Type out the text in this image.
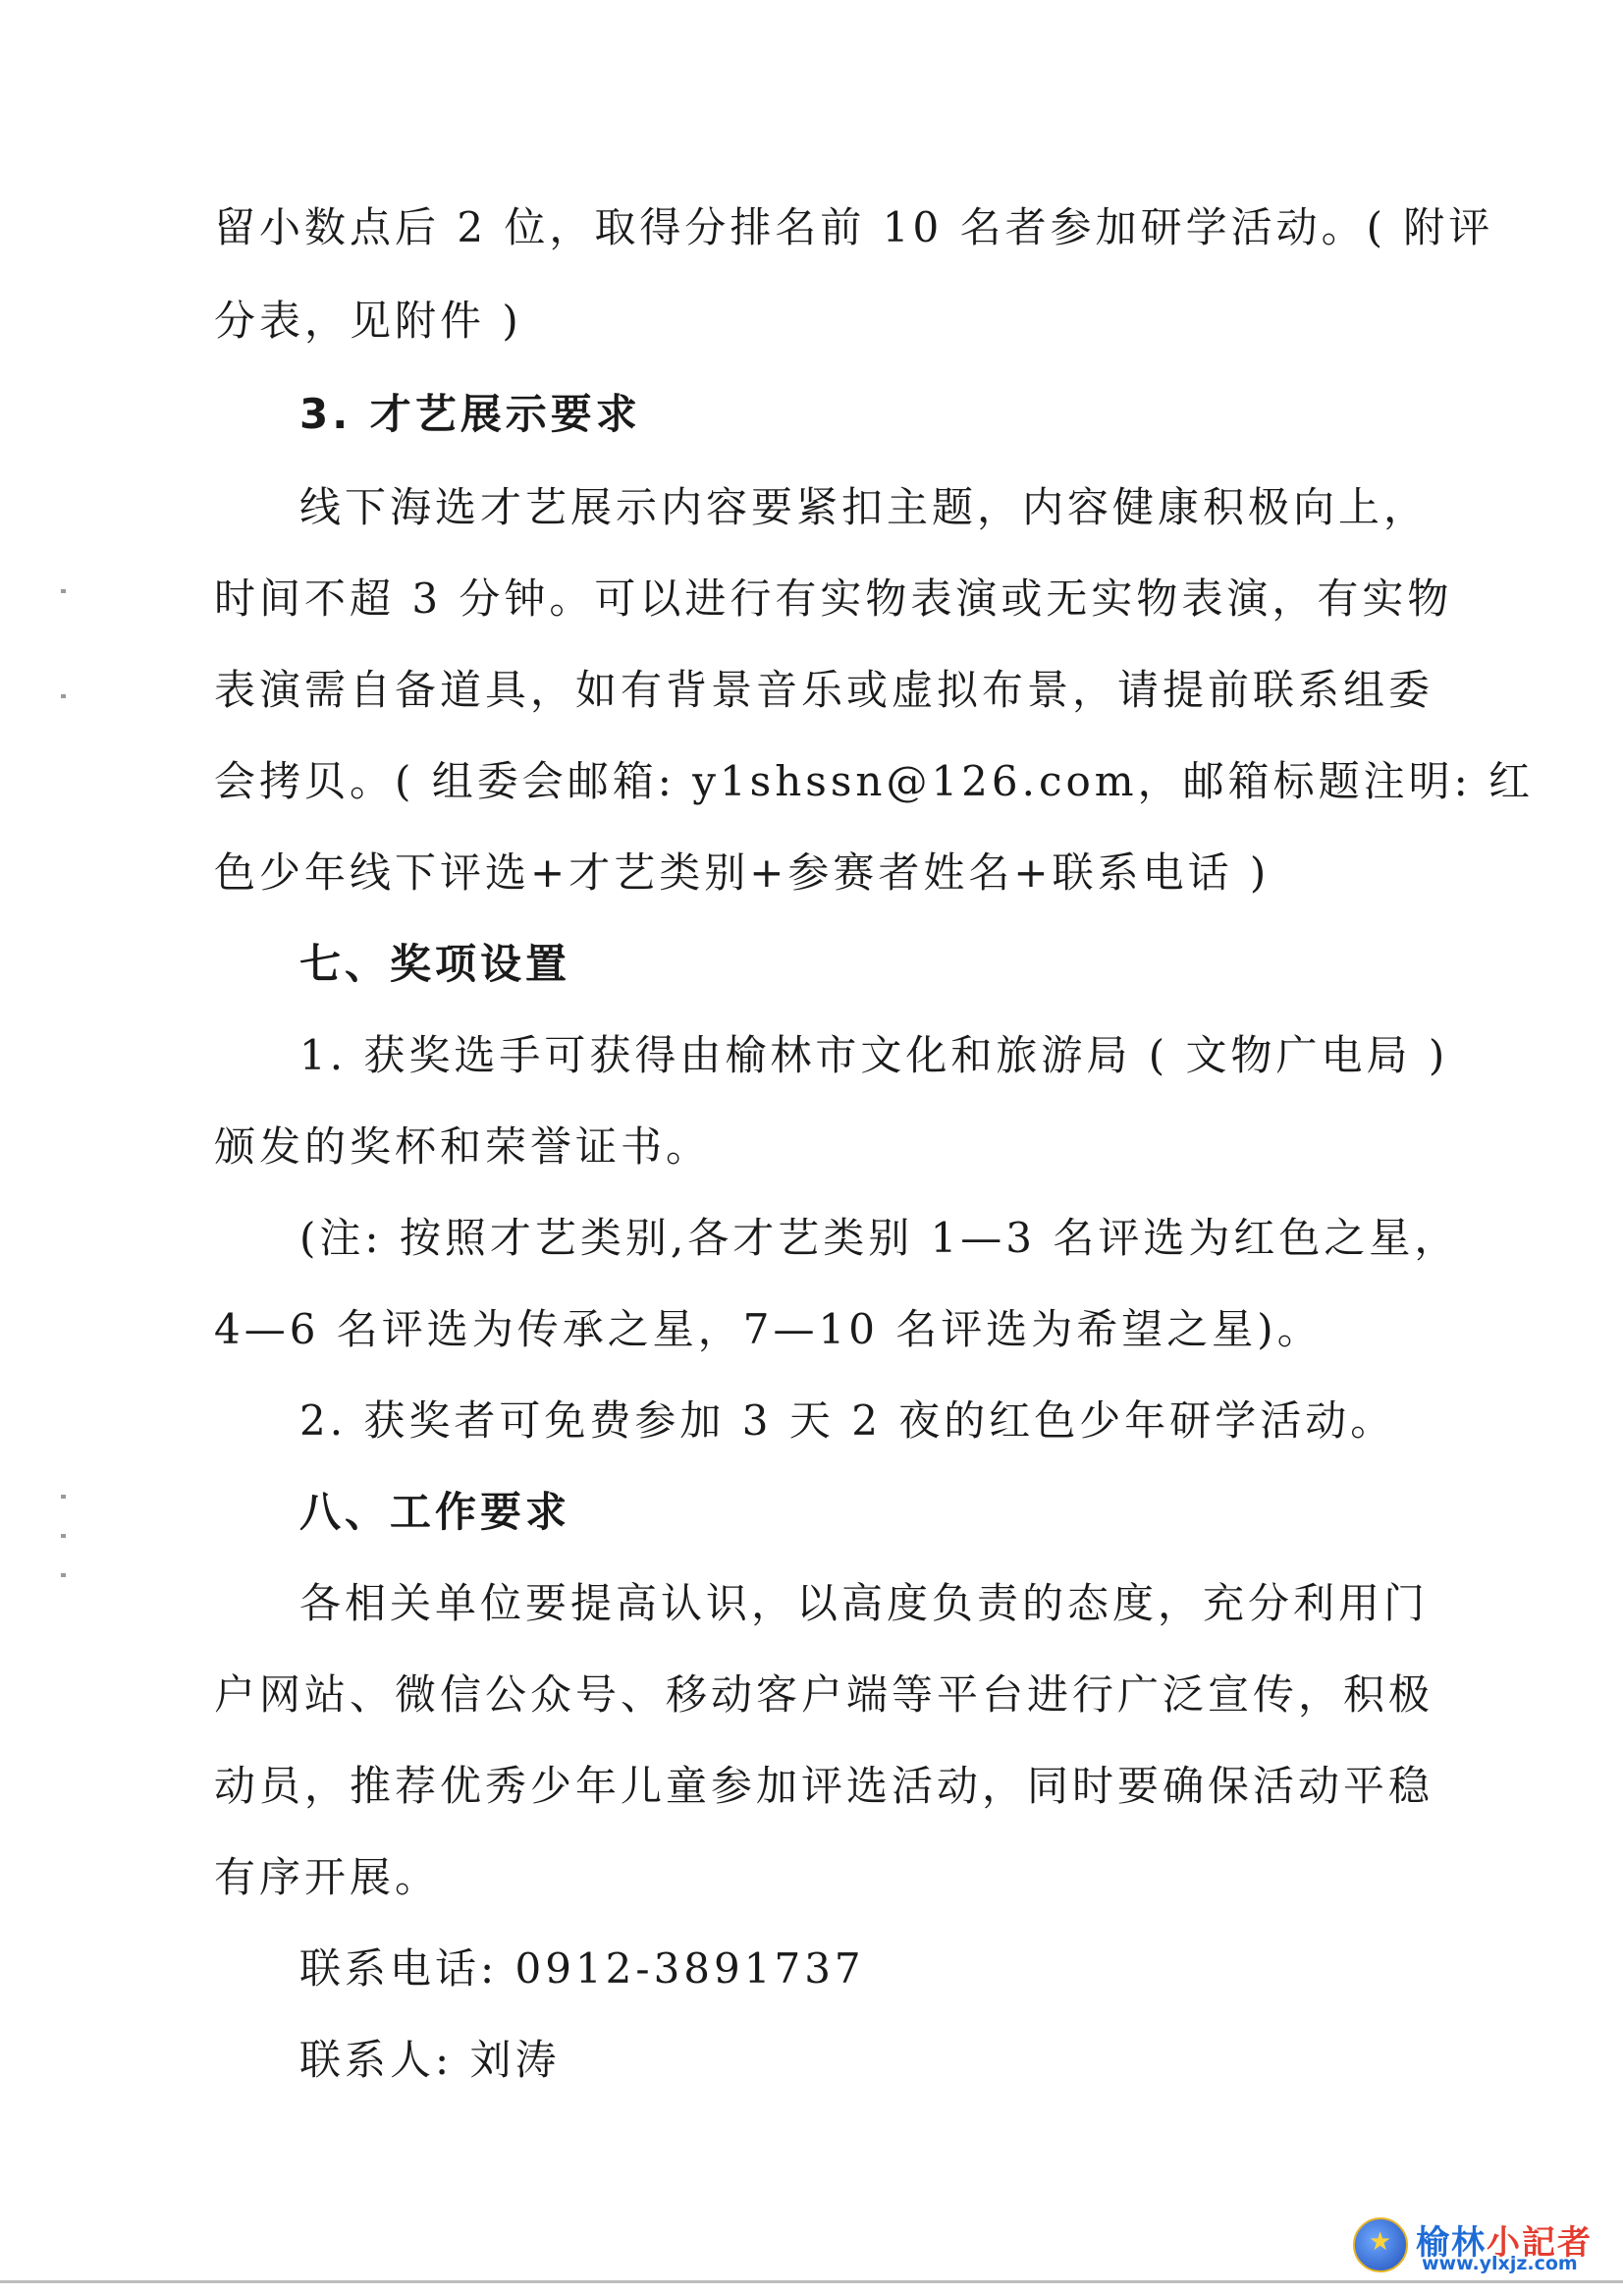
留小数点后 2 位，取得分排名前 10 名者参加研学活动。( 附评
分表，见附件 )
3. 才艺展示要求
线下海选才艺展示内容要紧扣主题，内容健康积极向上，
时间不超 3 分钟。可以进行有实物表演或无实物表演，有实物
表演需自备道具，如有背景音乐或虚拟布景，请提前联系组委
会拷贝。( 组委会邮箱: y1shssn@126.com，邮箱标题注明: 红
色少年线下评选+才艺类别+参赛者姓名+联系电话 )
七、奖项设置
1. 获奖选手可获得由榆林市文化和旅游局 ( 文物广电局 )
颁发的奖杯和荣誉证书。
(注: 按照才艺类别,各才艺类别 1—3 名评选为红色之星，
4—6 名评选为传承之星，7—10 名评选为希望之星)。
2. 获奖者可免费参加 3 天 2 夜的红色少年研学活动。
八、工作要求
各相关单位要提高认识，以高度负责的态度，充分利用门
户网站、微信公众号、移动客户端等平台进行广泛宣传，积极
动员，推荐优秀少年儿童参加评选活动，同时要确保活动平稳
有序开展。
联系电话: 0912-3891737
联系人: 刘涛
★ 榆林小記者
www.ylxjz.com
